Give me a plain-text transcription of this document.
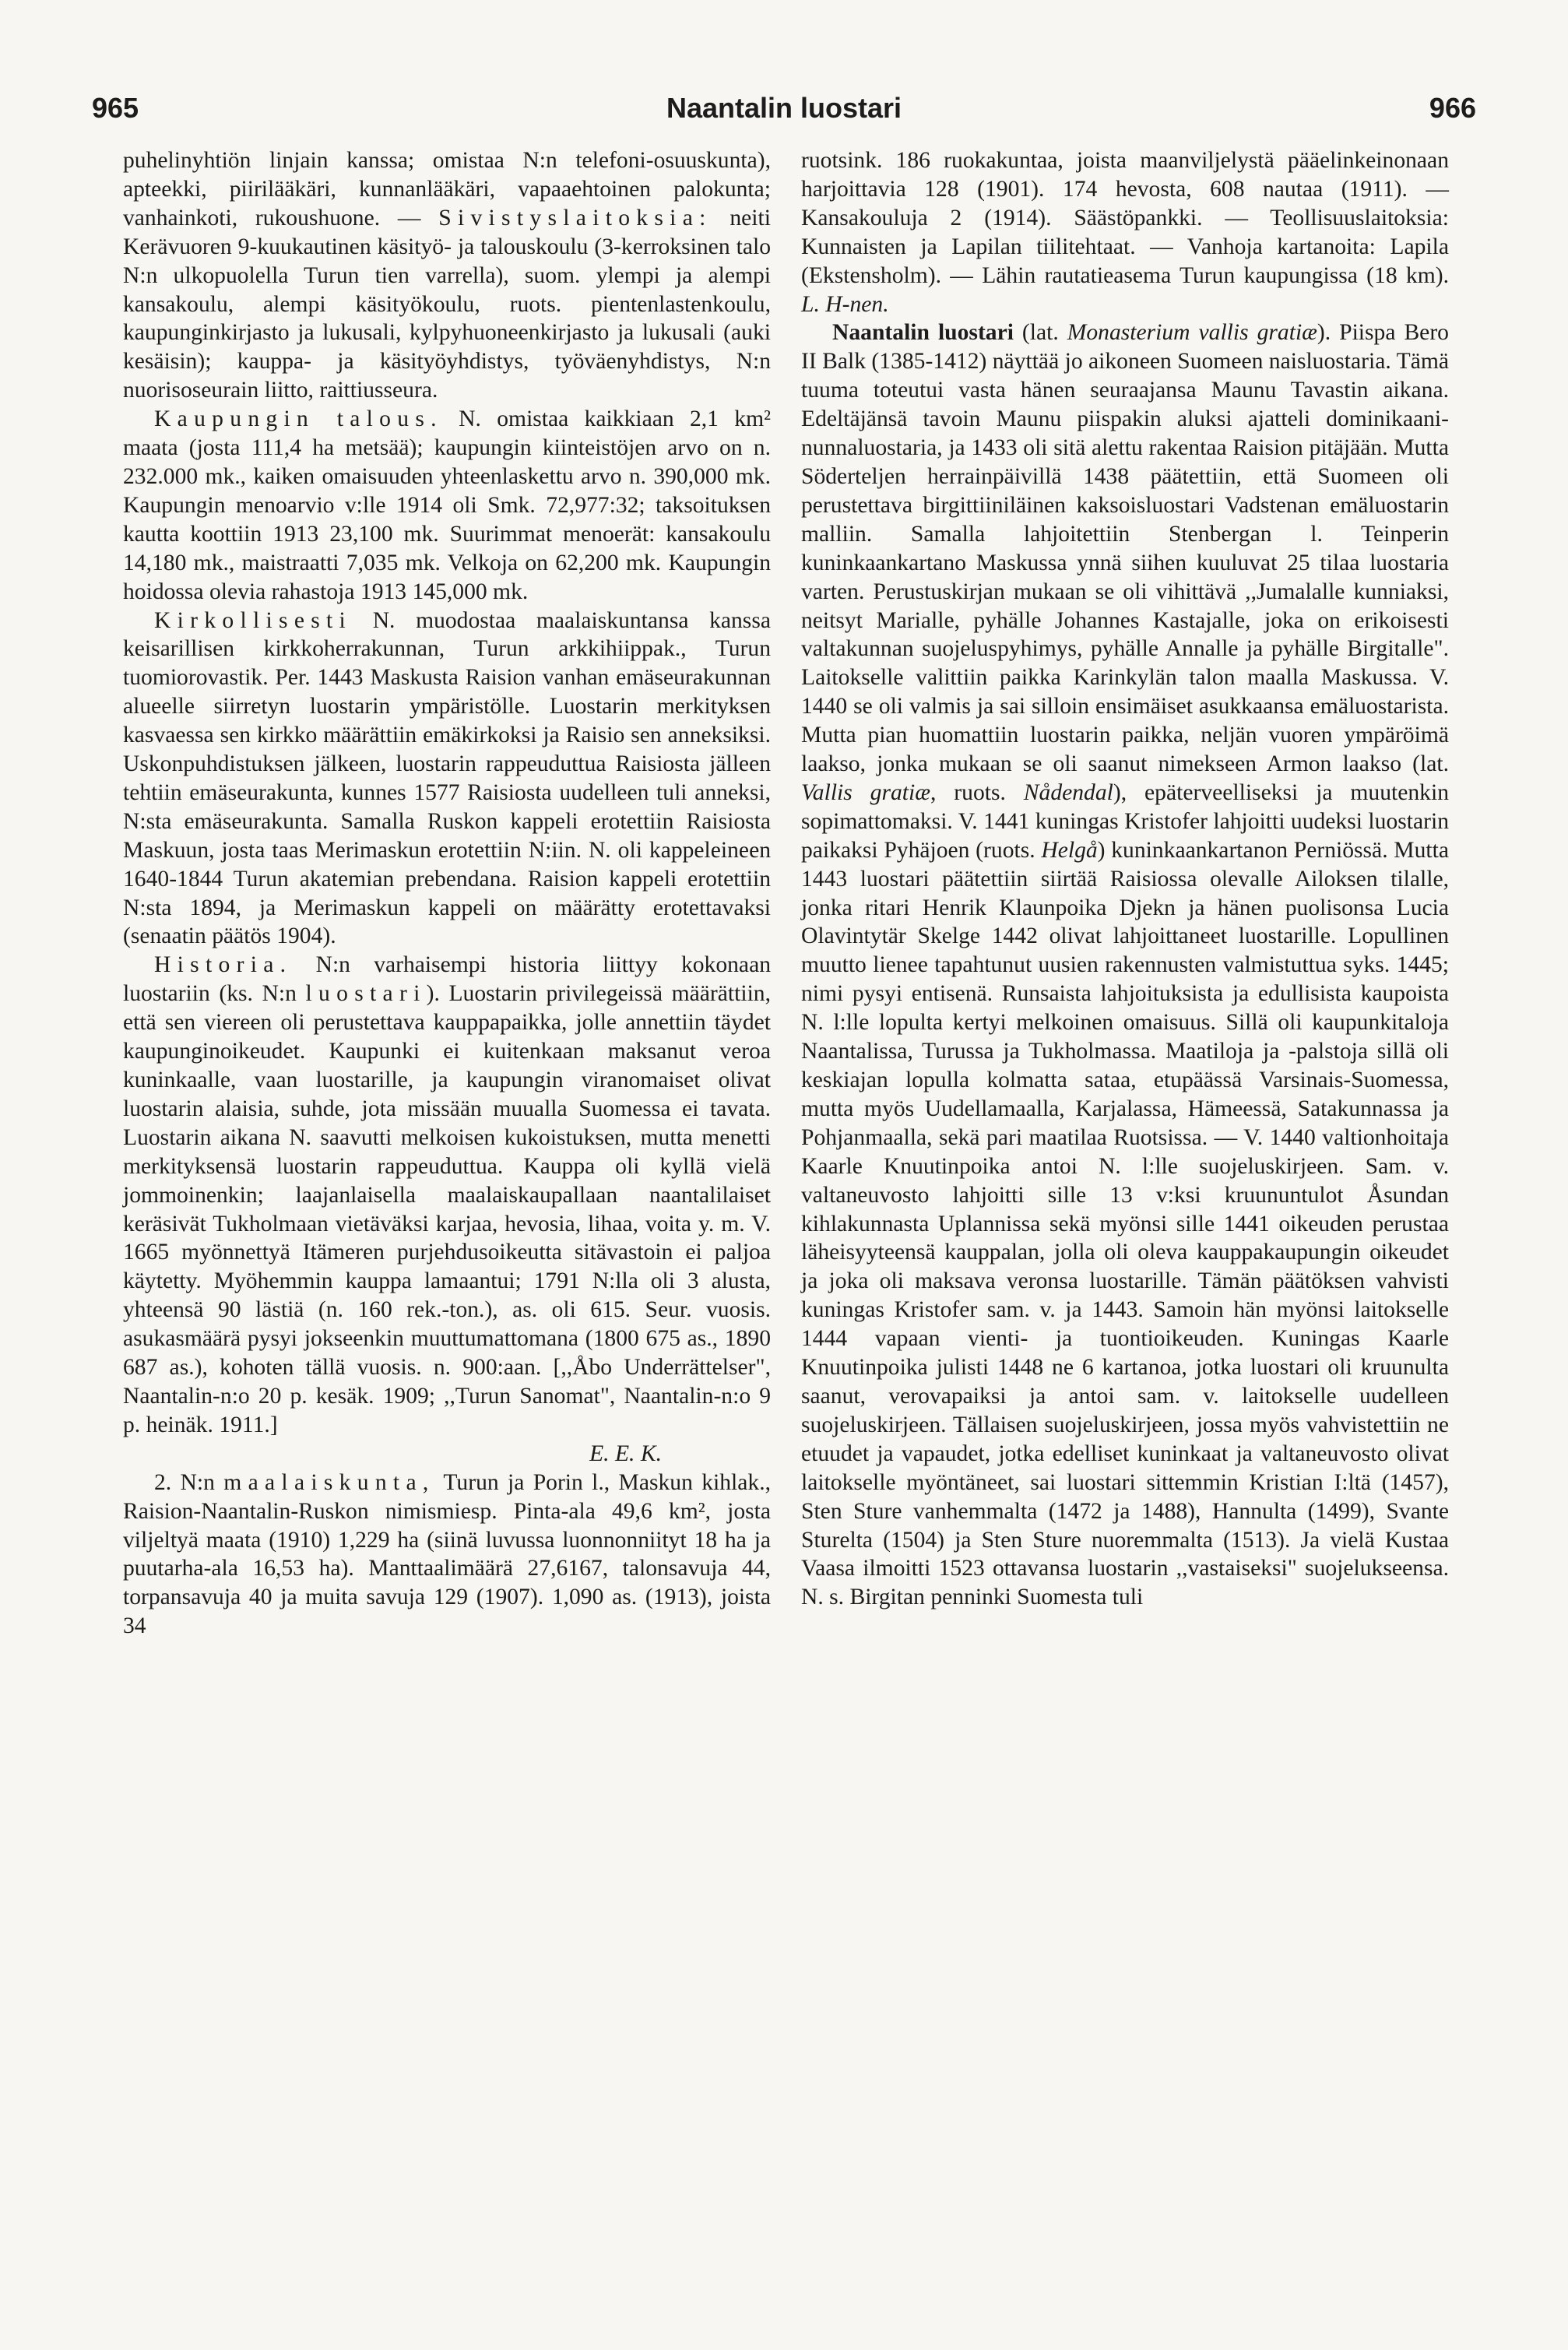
965	Naantalin luostari	966

puhelinyhtiön linjain kanssa; omistaa N:n telefoni-osuuskunta), apteekki, piirilääkäri, kunnanlääkäri, vapaaehtoinen palokunta; vanhainkoti, rukoushuone. — Sivistyslaitoksia: neiti Kerävuoren 9-kuukautinen käsityö- ja talouskoulu (3-kerroksinen talo N:n ulkopuolella Turun tien varrella), suom. ylempi ja alempi kansakoulu, alempi käsityökoulu, ruots. pientenlastenkoulu, kaupunginkirjasto ja lukusali, kylpyhuoneenkirjasto ja lukusali (auki kesäisin); kauppa- ja käsityöyhdistys, työväenyhdistys, N:n nuorisoseurain liitto, raittiusseura.

Kaupungin talous. N. omistaa kaikkiaan 2,1 km² maata (josta 111,4 ha metsää); kaupungin kiinteistöjen arvo on n. 232.000 mk., kaiken omaisuuden yhteenlaskettu arvo n. 390,000 mk. Kaupungin menoarvio v:lle 1914 oli Smk. 72,977:32; taksoituksen kautta koottiin 1913 23,100 mk. Suurimmat menoerät: kansakoulu 14,180 mk., maistraatti 7,035 mk. Velkoja on 62,200 mk. Kaupungin hoidossa olevia rahastoja 1913 145,000 mk.

Kirkollisesti N. muodostaa maalaiskuntansa kanssa keisarillisen kirkkoherrakunnan, Turun arkkihiippak., Turun tuomiorovastik. Per. 1443 Maskusta Raision vanhan emäseurakunnan alueelle siirretyn luostarin ympäristölle. Luostarin merkityksen kasvaessa sen kirkko määrättiin emäkirkoksi ja Raisio sen anneksiksi. Uskonpuhdistuksen jälkeen, luostarin rappeuduttua Raisiosta jälleen tehtiin emäseurakunta, kunnes 1577 Raisiosta uudelleen tuli anneksi, N:sta emäseurakunta. Samalla Ruskon kappeli erotettiin Raisiosta Maskuun, josta taas Merimaskun erotettiin N:iin. N. oli kappeleineen 1640-1844 Turun akatemian prebendana. Raision kappeli erotettiin N:sta 1894, ja Merimaskun kappeli on määrätty erotettavaksi (senaatin päätös 1904).

Historia. N:n varhaisempi historia liittyy kokonaan luostariin (ks. N:n luostari). Luostarin privilegeissä määrättiin, että sen viereen oli perustettava kauppapaikka, jolle annettiin täydet kaupunginoikeudet. Kaupunki ei kuitenkaan maksanut veroa kuninkaalle, vaan luostarille, ja kaupungin viranomaiset olivat luostarin alaisia, suhde, jota missään muualla Suomessa ei tavata. Luostarin aikana N. saavutti melkoisen kukoistuksen, mutta menetti merkityksensä luostarin rappeuduttua. Kauppa oli kyllä vielä jommoinenkin; laajanlaisella maalaiskaupallaan naantalilaiset keräsivät Tukholmaan vietäväksi karjaa, hevosia, lihaa, voita y. m. V. 1665 myönnettyä Itämeren purjehdusoikeutta sitävastoin ei paljoa käytetty. Myöhemmin kauppa lamaantui; 1791 N:lla oli 3 alusta, yhteensä 90 lästiä (n. 160 rek.-ton.), as. oli 615. Seur. vuosis. asukasmäärä pysyi jokseenkin muuttumattomana (1800 675 as., 1890 687 as.), kohoten tällä vuosis. n. 900:aan. [,,Åbo Underrättelser", Naantalin-n:o 20 p. kesäk. 1909; ,,Turun Sanomat", Naantalin-n:o 9 p. heinäk. 1911.]

E. E. K.

2. N:n maalaiskunta, Turun ja Porin l., Maskun kihlak., Raision-Naantalin-Ruskon nimismiesp. Pinta-ala 49,6 km², josta viljeltyä maata (1910) 1,229 ha (siinä luvussa luonnonniityt 18 ha ja puutarha-ala 16,53 ha). Manttaalimäärä 27,6167, talonsavuja 44, torpansavuja 40 ja muita savuja 129 (1907). 1,090 as. (1913), joista 34

ruotsink. 186 ruokakuntaa, joista maanviljelystä pääelinkeinonaan harjoittavia 128 (1901). 174 hevosta, 608 nautaa (1911). — Kansakouluja 2 (1914). Säästöpankki. — Teollisuuslaitoksia: Kunnaisten ja Lapilan tiilitehtaat. — Vanhoja kartanoita: Lapila (Ekstensholm). — Lähin rautatieasema Turun kaupungissa (18 km). L. H-nen.

Naantalin luostari (lat. Monasterium vallis gratiæ). Piispa Bero II Balk (1385-1412) näyttää jo aikoneen Suomeen naisluostaria. Tämä tuuma toteutui vasta hänen seuraajansa Maunu Tavastin aikana. Edeltäjänsä tavoin Maunu piispakin aluksi ajatteli dominikaani-nunnaluostaria, ja 1433 oli sitä alettu rakentaa Raision pitäjään. Mutta Söderteljen herrainpäivillä 1438 päätettiin, että Suomeen oli perustettava birgittiiniläinen kaksoisluostari Vadstenan emäluostarin malliin. Samalla lahjoitettiin Stenbergan l. Teinperin kuninkaankartano Maskussa ynnä siihen kuuluvat 25 tilaa luostaria varten. Perustuskirjan mukaan se oli vihittävä ,,Jumalalle kunniaksi, neitsyt Marialle, pyhälle Johannes Kastajalle, joka on erikoisesti valtakunnan suojeluspyhimys, pyhälle Annalle ja pyhälle Birgitalle". Laitokselle valittiin paikka Karinkylän talon maalla Maskussa. V. 1440 se oli valmis ja sai silloin ensimäiset asukkaansa emäluostarista. Mutta pian huomattiin luostarin paikka, neljän vuoren ympäröimä laakso, jonka mukaan se oli saanut nimekseen Armon laakso (lat. Vallis gratiæ, ruots. Nådendal), epäterveelliseksi ja muutenkin sopimattomaksi. V. 1441 kuningas Kristofer lahjoitti uudeksi luostarin paikaksi Pyhäjoen (ruots. Helgå) kuninkaankartanon Perniössä. Mutta 1443 luostari päätettiin siirtää Raisiossa olevalle Ailoksen tilalle, jonka ritari Henrik Klaunpoika Djekn ja hänen puolisonsa Lucia Olavintytär Skelge 1442 olivat lahjoittaneet luostarille. Lopullinen muutto lienee tapahtunut uusien rakennusten valmistuttua syks. 1445; nimi pysyi entisenä. Runsaista lahjoituksista ja edullisista kaupoista N. l:lle lopulta kertyi melkoinen omaisuus. Sillä oli kaupunkitaloja Naantalissa, Turussa ja Tukholmassa. Maatiloja ja -palstoja sillä oli keskiajan lopulla kolmatta sataa, etupäässä Varsinais-Suomessa, mutta myös Uudellamaalla, Karjalassa, Hämeessä, Satakunnassa ja Pohjanmaalla, sekä pari maatilaa Ruotsissa. — V. 1440 valtionhoitaja Kaarle Knuutinpoika antoi N. l:lle suojeluskirjeen. Sam. v. valtaneuvosto lahjoitti sille 13 v:ksi kruununtulot Åsundan kihlakunnasta Uplannissa sekä myönsi sille 1441 oikeuden perustaa läheisyyteensä kauppalan, jolla oli oleva kauppakaupungin oikeudet ja joka oli maksava veronsa luostarille. Tämän päätöksen vahvisti kuningas Kristofer sam. v. ja 1443. Samoin hän myönsi laitokselle 1444 vapaan vienti- ja tuontioikeuden. Kuningas Kaarle Knuutinpoika julisti 1448 ne 6 kartanoa, jotka luostari oli kruunulta saanut, verovapaiksi ja antoi sam. v. laitokselle uudelleen suojeluskirjeen. Tällaisen suojeluskirjeen, jossa myös vahvistettiin ne etuudet ja vapaudet, jotka edelliset kuninkaat ja valtaneuvosto olivat laitokselle myöntäneet, sai luostari sittemmin Kristian I:ltä (1457), Sten Sture vanhemmalta (1472 ja 1488), Hannulta (1499), Svante Sturelta (1504) ja Sten Sture nuoremmalta (1513). Ja vielä Kustaa Vaasa ilmoitti 1523 ottavansa luostarin ,,vastaiseksi" suojelukseensa. N. s. Birgitan penninki Suomesta tuli
